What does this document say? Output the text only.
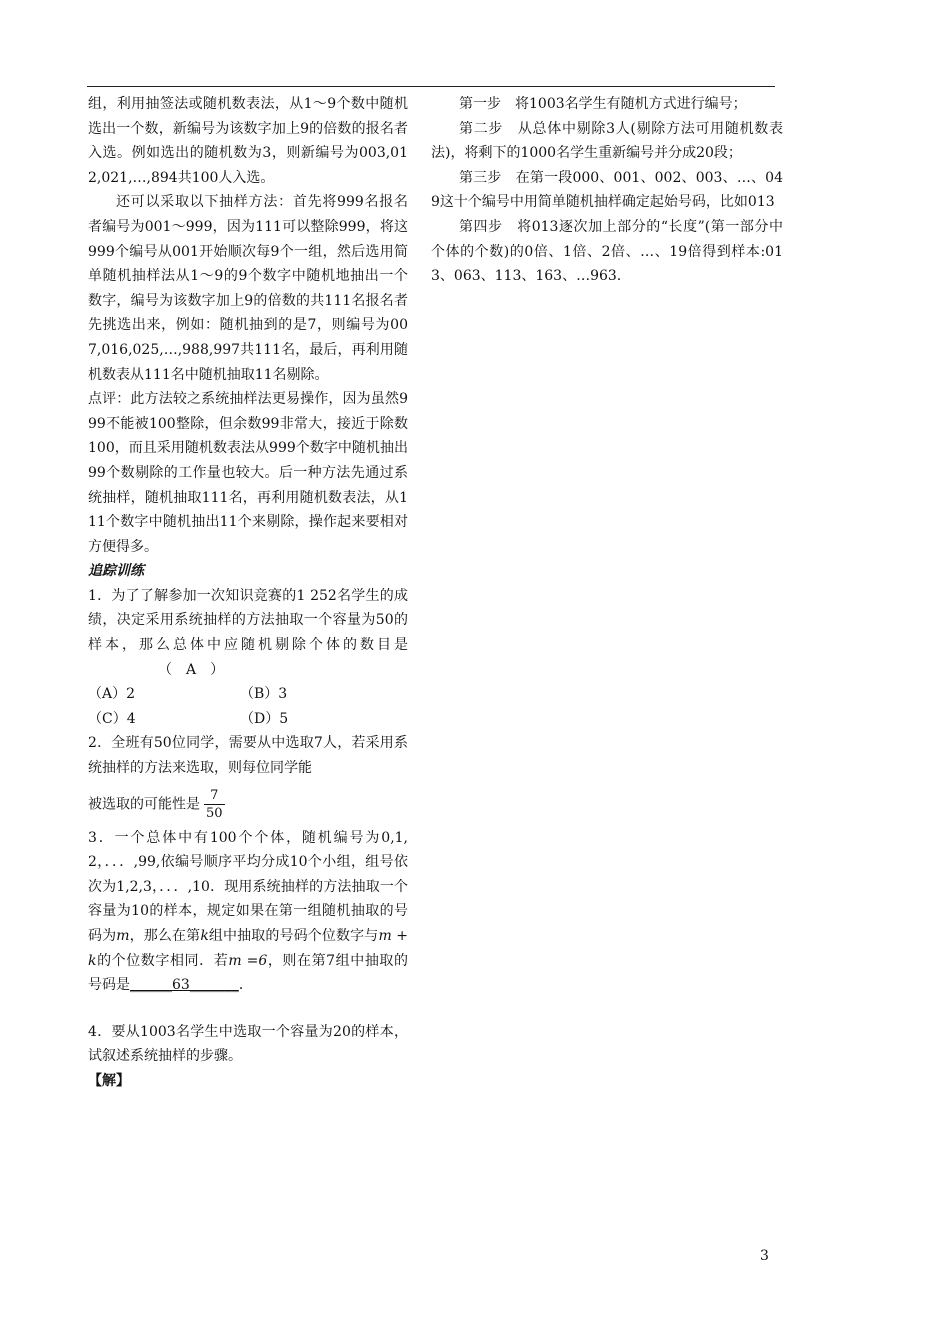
组，利用抽签法或随机数表法，从1～9个数中随机选出一个数，新编号为该数字加上9的倍数的报名者入选。例如选出的随机数为3，则新编号为003,012,021,…,894共100人入选。

还可以采取以下抽样方法：首先将999名报名者编号为001～999，因为111可以整除999，将这999个编号从001开始顺次每9个一组，然后选用简单随机抽样法从1～9的9个数字中随机地抽出一个数字，编号为该数字加上9的倍数的共111名报名者先挑选出来，例如：随机抽到的是7，则编号为007,016,025,…,988,997共111名，最后，再利用随机数表从111名中随机抽取11名剔除。

点评：此方法较之系统抽样法更易操作，因为虽然999不能被100整除，但余数99非常大，接近于除数100，而且采用随机数表法从999个数字中随机抽出 99个数剔除的工作量也较大。后一种方法先通过系统抽样，随机抽取111名，再利用随机数表法，从111个数字中随机抽出11个来剔除，操作起来要相对方便得多。

追踪训练

1．为了了解参加一次知识竞赛的1 252名学生的成绩，决定采用系统抽样的方法抽取一个容量为50的样本，那么总体中应随机剔除个体的数目是（　A　）

（A）2	（B）3
（C）4	（D）5

2．全班有50位同学，需要从中选取7人，若采用系统抽样的方法来选取，则每位同学能

被选取的可能性是 $\frac{7}{50}$

3．一个总体中有100个个体，随机编号为0,1,2，．．．,99,依编号顺序平均分成10个小组，组号依次为1,2,3，．．．,10．现用系统抽样的方法抽取一个容量为10的样本，规定如果在第一组随机抽取的号码为m，那么在第k组中抽取的号码个位数字与m + k的个位数字相同．若m =6，则在第7组中抽取的号码是______63_______．

4．要从1003名学生中选取一个容量为20的样本，试叙述系统抽样的步骤。

【解】

第一步　将1003名学生有随机方式进行编号；

第二步　从总体中剔除3人(剔除方法可用随机数表法)，将剩下的1000名学生重新编号并分成20段；

第三步　在第一段000、001、002、003、…、049这十个编号中用简单随机抽样确定起始号码，比如013

第四步　将013逐次加上部分的“长度”(第一部分中个体的个数)的0倍、1倍、2倍、…、19倍得到样本:013、063、113、163、…963.

3
